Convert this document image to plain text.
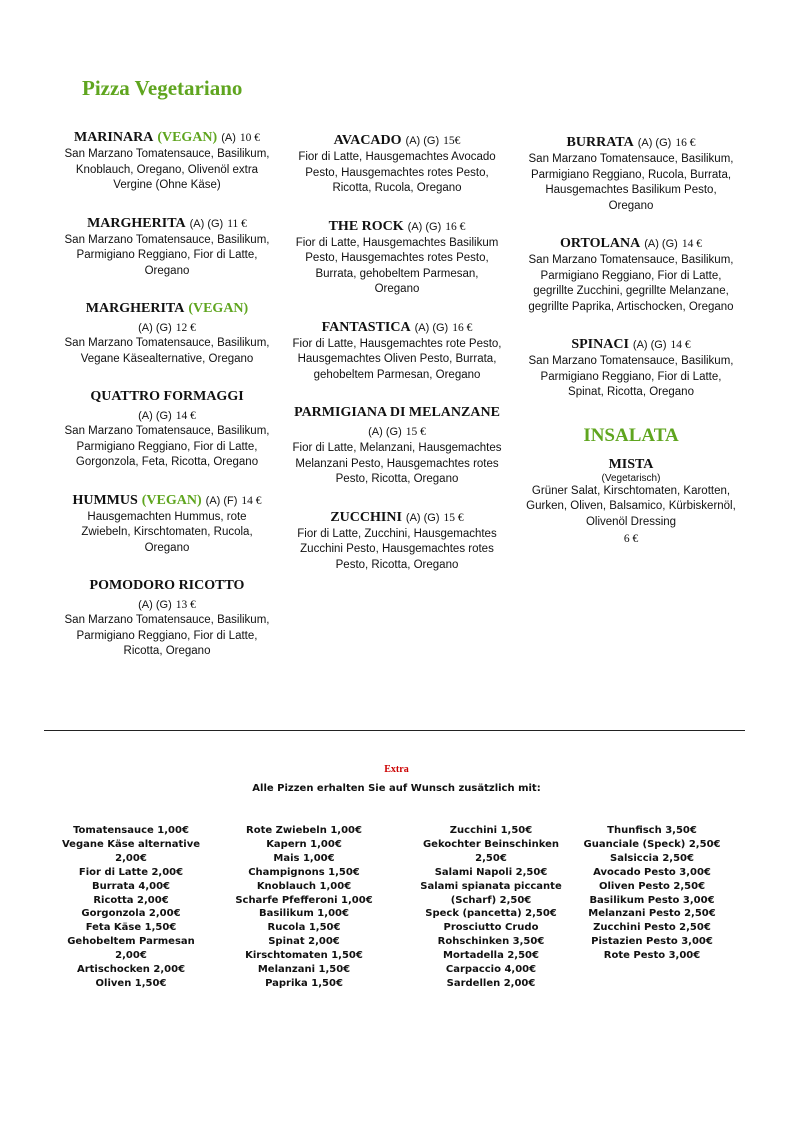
Pizza Vegetariano
MARINARA (VEGAN) (A) 10 €
San Marzano Tomatensauce, Basilikum, Knoblauch, Oregano, Olivenöl extra Vergine (Ohne Käse)
MARGHERITA (A) (G) 11 €
San Marzano Tomatensauce, Basilikum, Parmigiano Reggiano, Fior di Latte, Oregano
MARGHERITA (VEGAN)
(A) (G) 12 €
San Marzano Tomatensauce, Basilikum, Vegane Käsealternative, Oregano
QUATTRO FORMAGGI
(A) (G) 14 €
San Marzano Tomatensauce, Basilikum, Parmigiano Reggiano, Fior di Latte, Gorgonzola, Feta, Ricotta, Oregano
HUMMUS (VEGAN) (A) (F) 14 €
Hausgemachten Hummus, rote Zwiebeln, Kirschtomaten, Rucola, Oregano
POMODORO RICOTTO
(A) (G) 13 €
San Marzano Tomatensauce, Basilikum, Parmigiano Reggiano, Fior di Latte, Ricotta, Oregano
AVACADO (A) (G) 15€
Fior di Latte, Hausgemachtes Avocado Pesto, Hausgemachtes rotes Pesto, Ricotta, Rucola, Oregano
THE ROCK (A) (G) 16 €
Fior di Latte, Hausgemachtes Basilikum Pesto, Hausgemachtes rotes Pesto, Burrata, gehobeltem Parmesan, Oregano
FANTASTICA (A) (G) 16 €
Fior di Latte, Hausgemachtes rote Pesto, Hausgemachtes Oliven Pesto, Burrata, gehobeltem Parmesan, Oregano
PARMIGIANA DI MELANZANE (A) (G) 15 €
Fior di Latte, Melanzani, Hausgemachtes Melanzani Pesto, Hausgemachtes rotes Pesto, Ricotta, Oregano
ZUCCHINI (A) (G) 15 €
Fior di Latte, Zucchini, Hausgemachtes Zucchini Pesto, Hausgemachtes rotes Pesto, Ricotta, Oregano
BURRATA (A) (G) 16 €
San Marzano Tomatensauce, Basilikum, Parmigiano Reggiano, Rucola, Burrata, Hausgemachtes Basilikum Pesto, Oregano
ORTOLANA (A) (G) 14 €
San Marzano Tomatensauce, Basilikum, Parmigiano Reggiano, Fior di Latte, gegrillte Zucchini, gegrillte Melanzane, gegrillte Paprika, Artischocken, Oregano
SPINACI (A) (G) 14 €
San Marzano Tomatensauce, Basilikum, Parmigiano Reggiano, Fior di Latte, Spinat, Ricotta, Oregano
INSALATA
MISTA
(Vegetarisch)
Grüner Salat, Kirschtomaten, Karotten, Gurken, Oliven, Balsamico, Kürbiskernöl, Olivenöl Dressing
6 €
Extra
Alle Pizzen erhalten Sie auf Wunsch zusätzlich mit:
Tomatensauce 1,00€
Vegane Käse alternative
2,00€
Fior di Latte 2,00€
Burrata 4,00€
Ricotta 2,00€
Gorgonzola 2,00€
Feta Käse 1,50€
Gehobeltem Parmesan
2,00€
Artischocken 2,00€
Oliven 1,50€
Rote Zwiebeln 1,00€
Kapern 1,00€
Mais 1,00€
Champignons 1,50€
Knoblauch 1,00€
Scharfe Pfefferoni 1,00€
Basilikum 1,00€
Rucola 1,50€
Spinat 2,00€
Kirschtomaten 1,50€
Melanzani 1,50€
Paprika 1,50€
Zucchini 1,50€
Gekochter Beinschinken
2,50€
Salami Napoli 2,50€
Salami spianata piccante
(Scharf) 2,50€
Speck (pancetta) 2,50€
Prosciutto Crudo
Rohschinken 3,50€
Mortadella 2,50€
Carpaccio 4,00€
Sardellen 2,00€
Thunfisch 3,50€
Guanciale (Speck) 2,50€
Salsiccia 2,50€
Avocado Pesto 3,00€
Oliven Pesto 2,50€
Basilikum Pesto 3,00€
Melanzani Pesto 2,50€
Zucchini Pesto 2,50€
Pistazien Pesto 3,00€
Rote Pesto 3,00€
